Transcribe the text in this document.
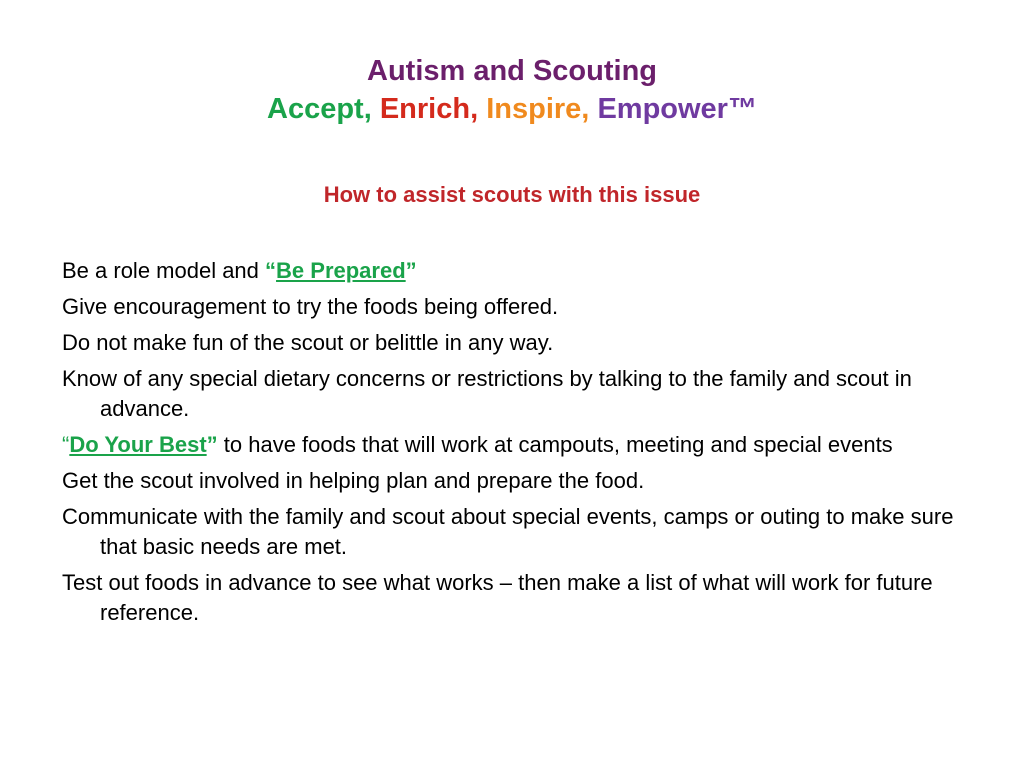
Autism and Scouting
Accept, Enrich, Inspire, Empower™
How to assist scouts with this issue
Be a role model and “Be Prepared”
Give encouragement to try the foods being offered.
Do not make fun of the scout or belittle in any way.
Know of any special dietary concerns or restrictions by talking to the family and scout in advance.
“Do Your Best” to have foods that will work at campouts, meeting and special events
Get the scout involved in helping plan and prepare the food.
Communicate with the family and scout about special events, camps or outing to make sure that basic needs are met.
Test out foods in advance to see what works – then make a list of what will work for future reference.
